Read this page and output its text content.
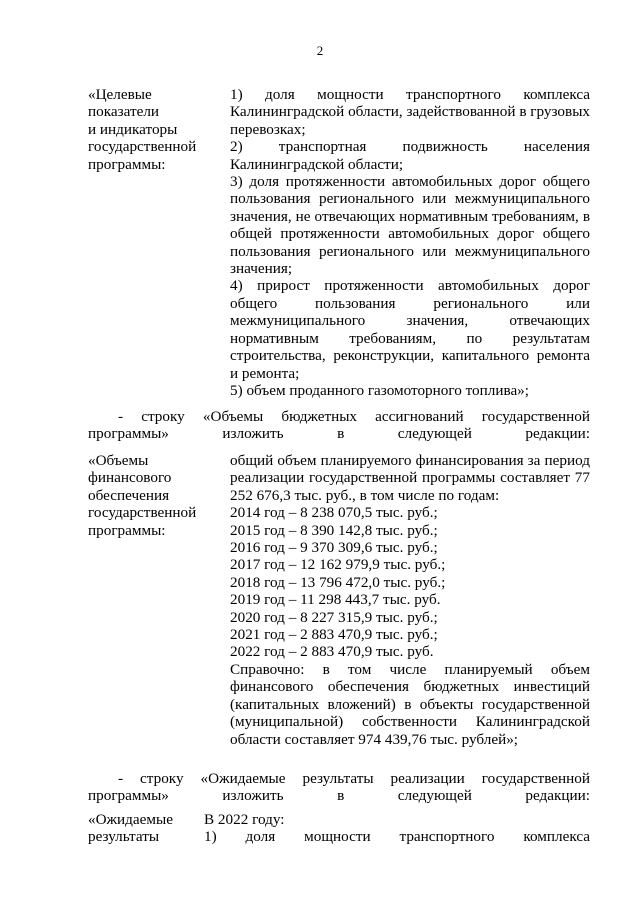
2

«Целевые

показатели

и индикаторы

государственной

программы:

1) доля мощности транспортного комплекса Калининградской области, задействованной в грузовых перевозках;

2) транспортная подвижность населения Калининградской области;

3) доля протяженности автомобильных дорог общего пользования регионального или межмуниципального значения, не отвечающих нормативным требованиям, в общей протяженности автомобильных дорог общего пользования регионального или межмуниципального значения;

4) прирост протяженности автомобильных дорог общего пользования регионального или межмуниципального значения, отвечающих нормативным требованиям, по результатам строительства, реконструкции, капитального ремонта и ремонта;

5) объем проданного газомоторного топлива»;

- строку «Объемы бюджетных ассигнований государственной программы» изложить в следующей редакции:

«Объемы

финансового

обеспечения

государственной

программы:

общий объем планируемого финансирования за период реализации государственной программы составляет 77 252 676,3 тыс. руб., в том числе по годам:

2014 год – 8 238 070,5 тыс. руб.;

2015 год – 8 390 142,8 тыс. руб.;

2016 год – 9 370 309,6 тыс. руб.;

2017 год – 12 162 979,9 тыс. руб.;

2018 год – 13 796 472,0 тыс. руб.;

2019 год – 11 298 443,7 тыс. руб.

2020 год – 8 227 315,9 тыс. руб.;

2021 год – 2 883 470,9 тыс. руб.;

2022 год – 2 883 470,9 тыс. руб.

Справочно: в том числе планируемый объем финансового обеспечения бюджетных инвестиций (капитальных вложений) в объекты государственной (муниципальной) собственности Калининградской области составляет 974 439,76 тыс. рублей»;

- строку «Ожидаемые результаты реализации государственной программы» изложить в следующей редакции:

«Ожидаемые

результаты

В 2022 году:

1) доля мощности транспортного комплекса
